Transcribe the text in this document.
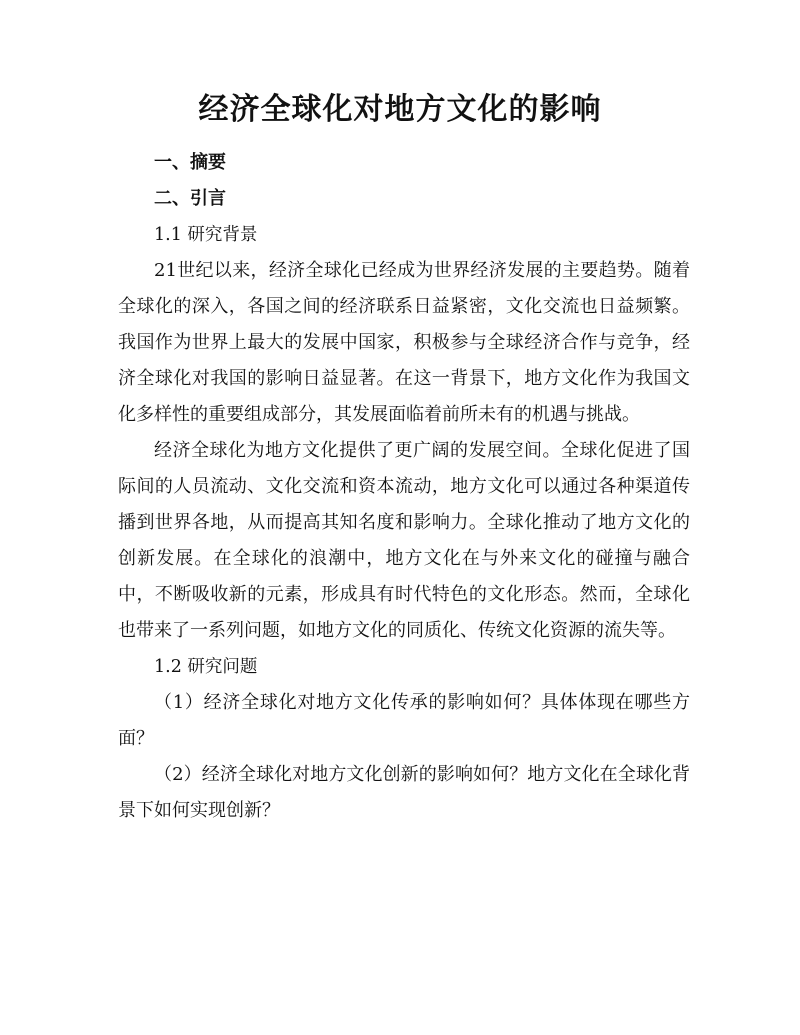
经济全球化对地方文化的影响

一、摘要

二、引言

1.1 研究背景

21世纪以来，经济全球化已经成为世界经济发展的主要趋势。随着全球化的深入，各国之间的经济联系日益紧密，文化交流也日益频繁。我国作为世界上最大的发展中国家，积极参与全球经济合作与竞争，经济全球化对我国的影响日益显著。在这一背景下，地方文化作为我国文化多样性的重要组成部分，其发展面临着前所未有的机遇与挑战。

经济全球化为地方文化提供了更广阔的发展空间。全球化促进了国际间的人员流动、文化交流和资本流动，地方文化可以通过各种渠道传播到世界各地，从而提高其知名度和影响力。全球化推动了地方文化的创新发展。在全球化的浪潮中，地方文化在与外来文化的碰撞与融合中，不断吸收新的元素，形成具有时代特色的文化形态。然而，全球化也带来了一系列问题，如地方文化的同质化、传统文化资源的流失等。

1.2 研究问题

（1）经济全球化对地方文化传承的影响如何？具体体现在哪些方面？

（2）经济全球化对地方文化创新的影响如何？地方文化在全球化背景下如何实现创新？
